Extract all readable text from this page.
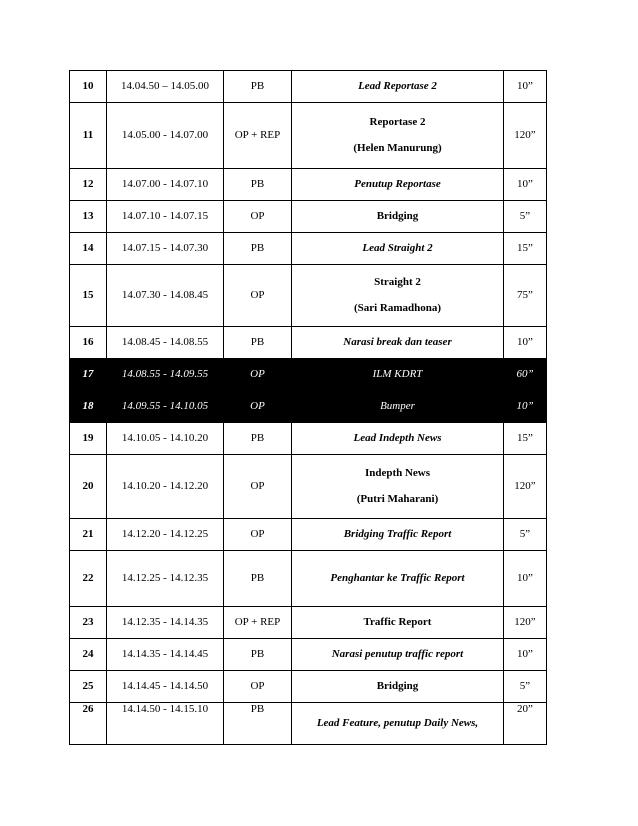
10	14.04.50 – 14.05.00	PB	Lead Reportase 2	10”
11	14.05.00 - 14.07.00	OP + REP	Reportase 2
(Helen Manurung)	120”
12	14.07.00 - 14.07.10	PB	Penutup Reportase	10”
13	14.07.10 - 14.07.15	OP	Bridging	5”
14	14.07.15 - 14.07.30	PB	Lead Straight 2	15”
15	14.07.30 - 14.08.45	OP	Straight 2
(Sari Ramadhona)	75”
16	14.08.45 - 14.08.55	PB	Narasi break dan teaser	10”
17	14.08.55 - 14.09.55	OP	ILM KDRT	60”
18	14.09.55 - 14.10.05	OP	Bumper	10”
19	14.10.05 - 14.10.20	PB	Lead Indepth News	15”
20	14.10.20 - 14.12.20	OP	Indepth News
(Putri Maharani)	120”
21	14.12.20 - 14.12.25	OP	Bridging Traffic Report	5”
22	14.12.25 - 14.12.35	PB	Penghantar ke Traffic Report	10”
23	14.12.35 - 14.14.35	OP + REP	Traffic Report	120”
24	14.14.35 - 14.14.45	PB	Narasi penutup traffic report	10”
25	14.14.45 - 14.14.50	OP	Bridging	5”
26	14.14.50 - 14.15.10	PB	Lead Feature, penutup Daily News,	20”
